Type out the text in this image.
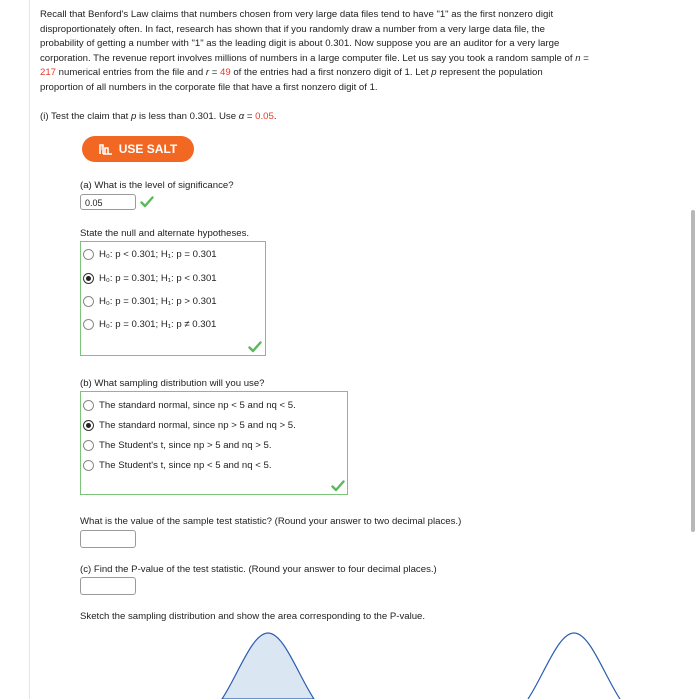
Recall that Benford's Law claims that numbers chosen from very large data files tend to have "1" as the first nonzero digit

disproportionately often. In fact, research has shown that if you randomly draw a number from a very large data file, the

probability of getting a number with "1" as the leading digit is about 0.301. Now suppose you are an auditor for a very large

corporation. The revenue report involves millions of numbers in a large computer file. Let us say you took a random sample of n =

217 numerical entries from the file and r = 49 of the entries had a first nonzero digit of 1. Let p represent the population

proportion of all numbers in the corporate file that have a first nonzero digit of 1.

(i) Test the claim that p is less than 0.301. Use α = 0.05.
USE SALT
(a) What is the level of significance?
0.05
State the null and alternate hypotheses.
H₀: p < 0.301;
H₁: p = 0.301
H₀: p = 0.301;
H₁: p < 0.301
H₀: p = 0.301;
H₁: p > 0.301
H₀: p = 0.301;
H₁: p ≠ 0.301
(b) What sampling distribution will you use?
The standard normal, since np < 5 and nq < 5.
The standard normal, since np > 5 and nq > 5.
The Student's t, since np > 5 and nq > 5.
The Student's t, since np < 5 and nq < 5.
What is the value of the sample test statistic? (Round your answer to two decimal places.)
(c) Find the P-value of the test statistic. (Round your answer to four decimal places.)
Sketch the sampling distribution and show the area corresponding to the P-value.
